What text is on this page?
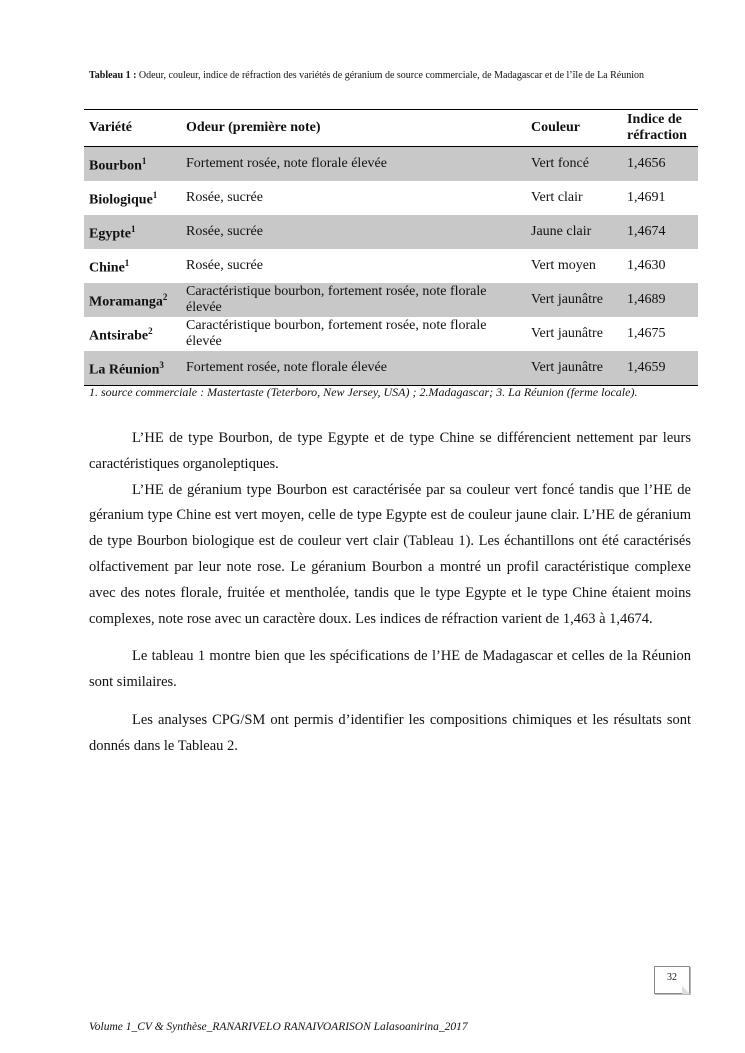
Tableau 1 : Odeur, couleur, indice de réfraction des variétés de géranium de source commerciale, de Madagascar et de l’île de La Réunion
Variété	Odeur (première note)	Couleur	Indice de réfraction
Bourbon$^1$	Fortement rosée, note florale élevée	Vert foncé	1,4656
Biologique$^1$	Rosée, sucrée	Vert clair	1,4691
Egypte$^1$	Rosée, sucrée	Jaune clair	1,4674
Chine$^1$	Rosée, sucrée	Vert moyen	1,4630
Moramanga$^2$	Caractéristique bourbon, fortement rosée, note florale élevée	Vert jaunâtre	1,4689
Antsirabe$^2$	Caractéristique bourbon, fortement rosée, note florale élevée	Vert jaunâtre	1,4675
La Réunion$^3$	Fortement rosée, note florale élevée	Vert jaunâtre	1,4659
1. source commerciale : Mastertaste (Teterboro, New Jersey, USA) ; 2.Madagascar; 3. La Réunion (ferme locale).

L’HE de type Bourbon, de type Egypte et de type Chine se différencient nettement par leurs caractéristiques organoleptiques.

L’HE de géranium type Bourbon est caractérisée par sa couleur vert foncé tandis que l’HE de géranium type Chine est vert moyen, celle de type Egypte est de couleur jaune clair. L’HE de géranium de type Bourbon biologique est de couleur vert clair (Tableau 1). Les échantillons ont été caractérisés olfactivement par leur note rose. Le géranium Bourbon a montré un profil caractéristique complexe avec des notes florale, fruitée et mentholée, tandis que le type Egypte et le type Chine étaient moins complexes, note rose avec un caractère doux. Les indices de réfraction varient de 1,463 à 1,4674.

Le tableau 1 montre bien que les spécifications de l’HE de Madagascar et celles de la Réunion sont similaires.

Les analyses CPG/SM ont permis d’identifier les compositions chimiques et les résultats sont donnés dans le Tableau 2.

32
Volume 1_CV & Synthèse_RANARIVELO RANAIVOARISON Lalasoanirina_2017
